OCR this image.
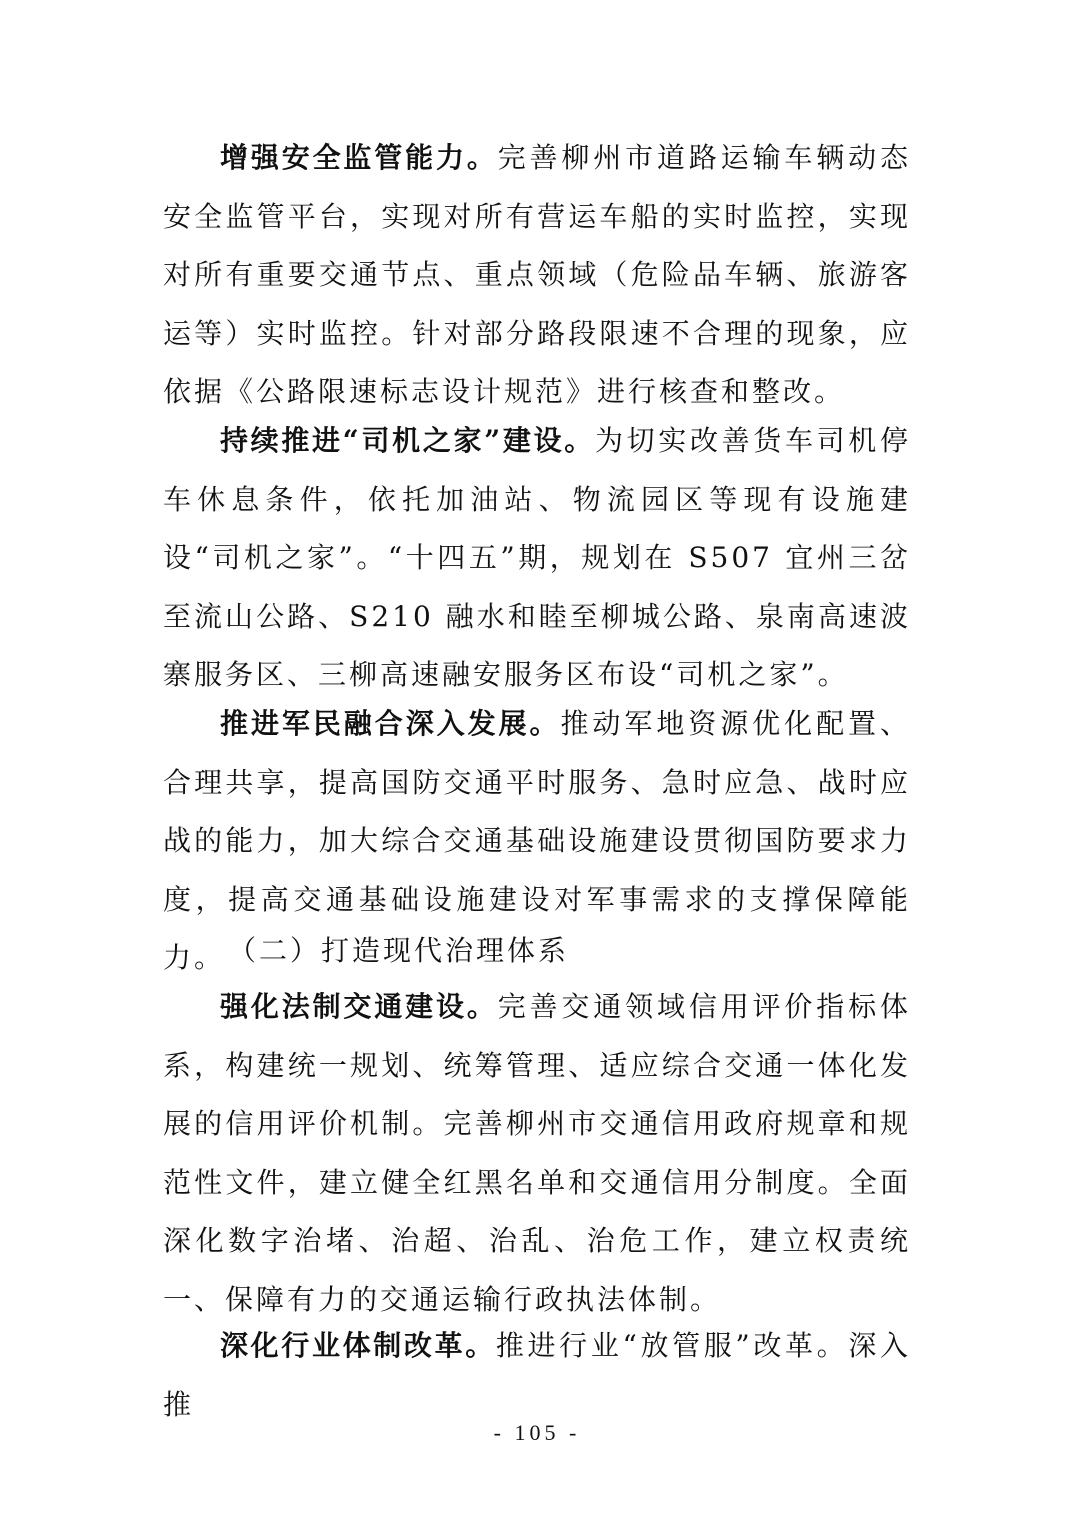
增强安全监管能力。完善柳州市道路运输车辆动态安全监管平台，实现对所有营运车船的实时监控，实现对所有重要交通节点、重点领域（危险品车辆、旅游客运等）实时监控。针对部分路段限速不合理的现象，应依据《公路限速标志设计规范》进行核查和整改。

持续推进“司机之家”建设。为切实改善货车司机停车休息条件，依托加油站、物流园区等现有设施建设“司机之家”。“十四五”期，规划在 S507 宜州三岔至流山公路、S210 融水和睦至柳城公路、泉南高速波寨服务区、三柳高速融安服务区布设“司机之家”。

推进军民融合深入发展。推动军地资源优化配置、合理共享，提高国防交通平时服务、急时应急、战时应战的能力，加大综合交通基础设施建设贯彻国防要求力度，提高交通基础设施建设对军事需求的支撑保障能力。 （二）打造现代治理体系

强化法制交通建设。完善交通领域信用评价指标体系，构建统一规划、统筹管理、适应综合交通一体化发展的信用评价机制。完善柳州市交通信用政府规章和规范性文件，建立健全红黑名单和交通信用分制度。全面深化数字治堵、治超、治乱、治危工作，建立权责统一、保障有力的交通运输行政执法体制。

深化行业体制改革。推进行业“放管服”改革。深入推

- 105 -
